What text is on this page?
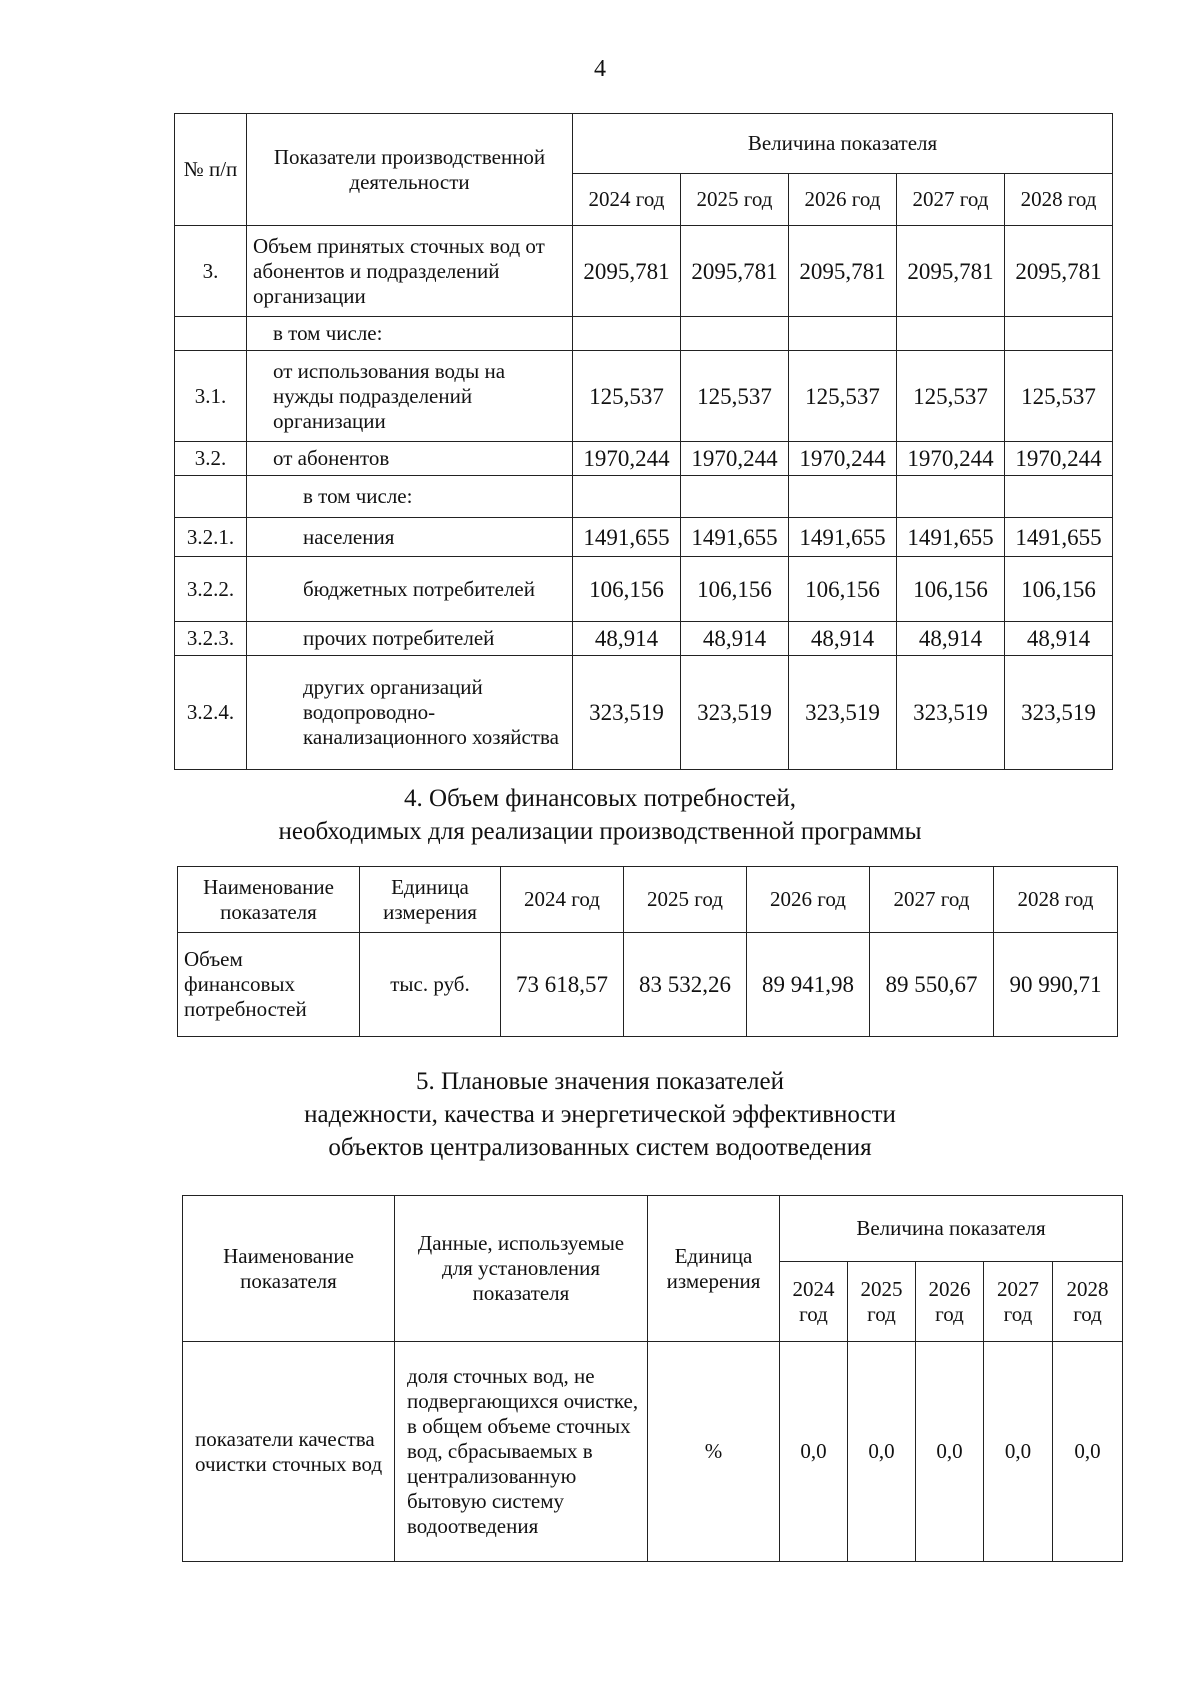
4
№ п/п	Показатели производственной деятельности	Величина показателя				
		2024 год	2025 год	2026 год	2027 год	2028 год
3.	Объем принятых сточных вод от абонентов и подразделений организации	2095,781	2095,781	2095,781	2095,781	2095,781
	в том числе:					
3.1.	от использования воды на нужды подразделений организации	125,537	125,537	125,537	125,537	125,537
3.2.	от абонентов	1970,244	1970,244	1970,244	1970,244	1970,244
	в том числе:					
3.2.1.	населения	1491,655	1491,655	1491,655	1491,655	1491,655
3.2.2.	бюджетных потребителей	106,156	106,156	106,156	106,156	106,156
3.2.3.	прочих потребителей	48,914	48,914	48,914	48,914	48,914
3.2.4.	других организаций водопроводно-канализационного хозяйства	323,519	323,519	323,519	323,519	323,519
4. Объем финансовых потребностей,
необходимых для реализации производственной программы
Наименование показателя	Единица измерения	2024 год	2025 год	2026 год	2027 год	2028 год
Объем финансовых потребностей	тыс. руб.	73 618,57	83 532,26	89 941,98	89 550,67	90 990,71
5. Плановые значения показателей
надежности, качества и энергетической эффективности
объектов централизованных систем водоотведения
Наименование показателя	Данные, используемые для установления показателя	Единица измерения	Величина показателя				
			2024 год	2025 год	2026 год	2027 год	2028 год
показатели качества очистки сточных вод	доля сточных вод, не подвергающихся очистке, в общем объеме сточных вод, сбрасываемых в централизованную бытовую систему водоотведения	%	0,0	0,0	0,0	0,0	0,0
